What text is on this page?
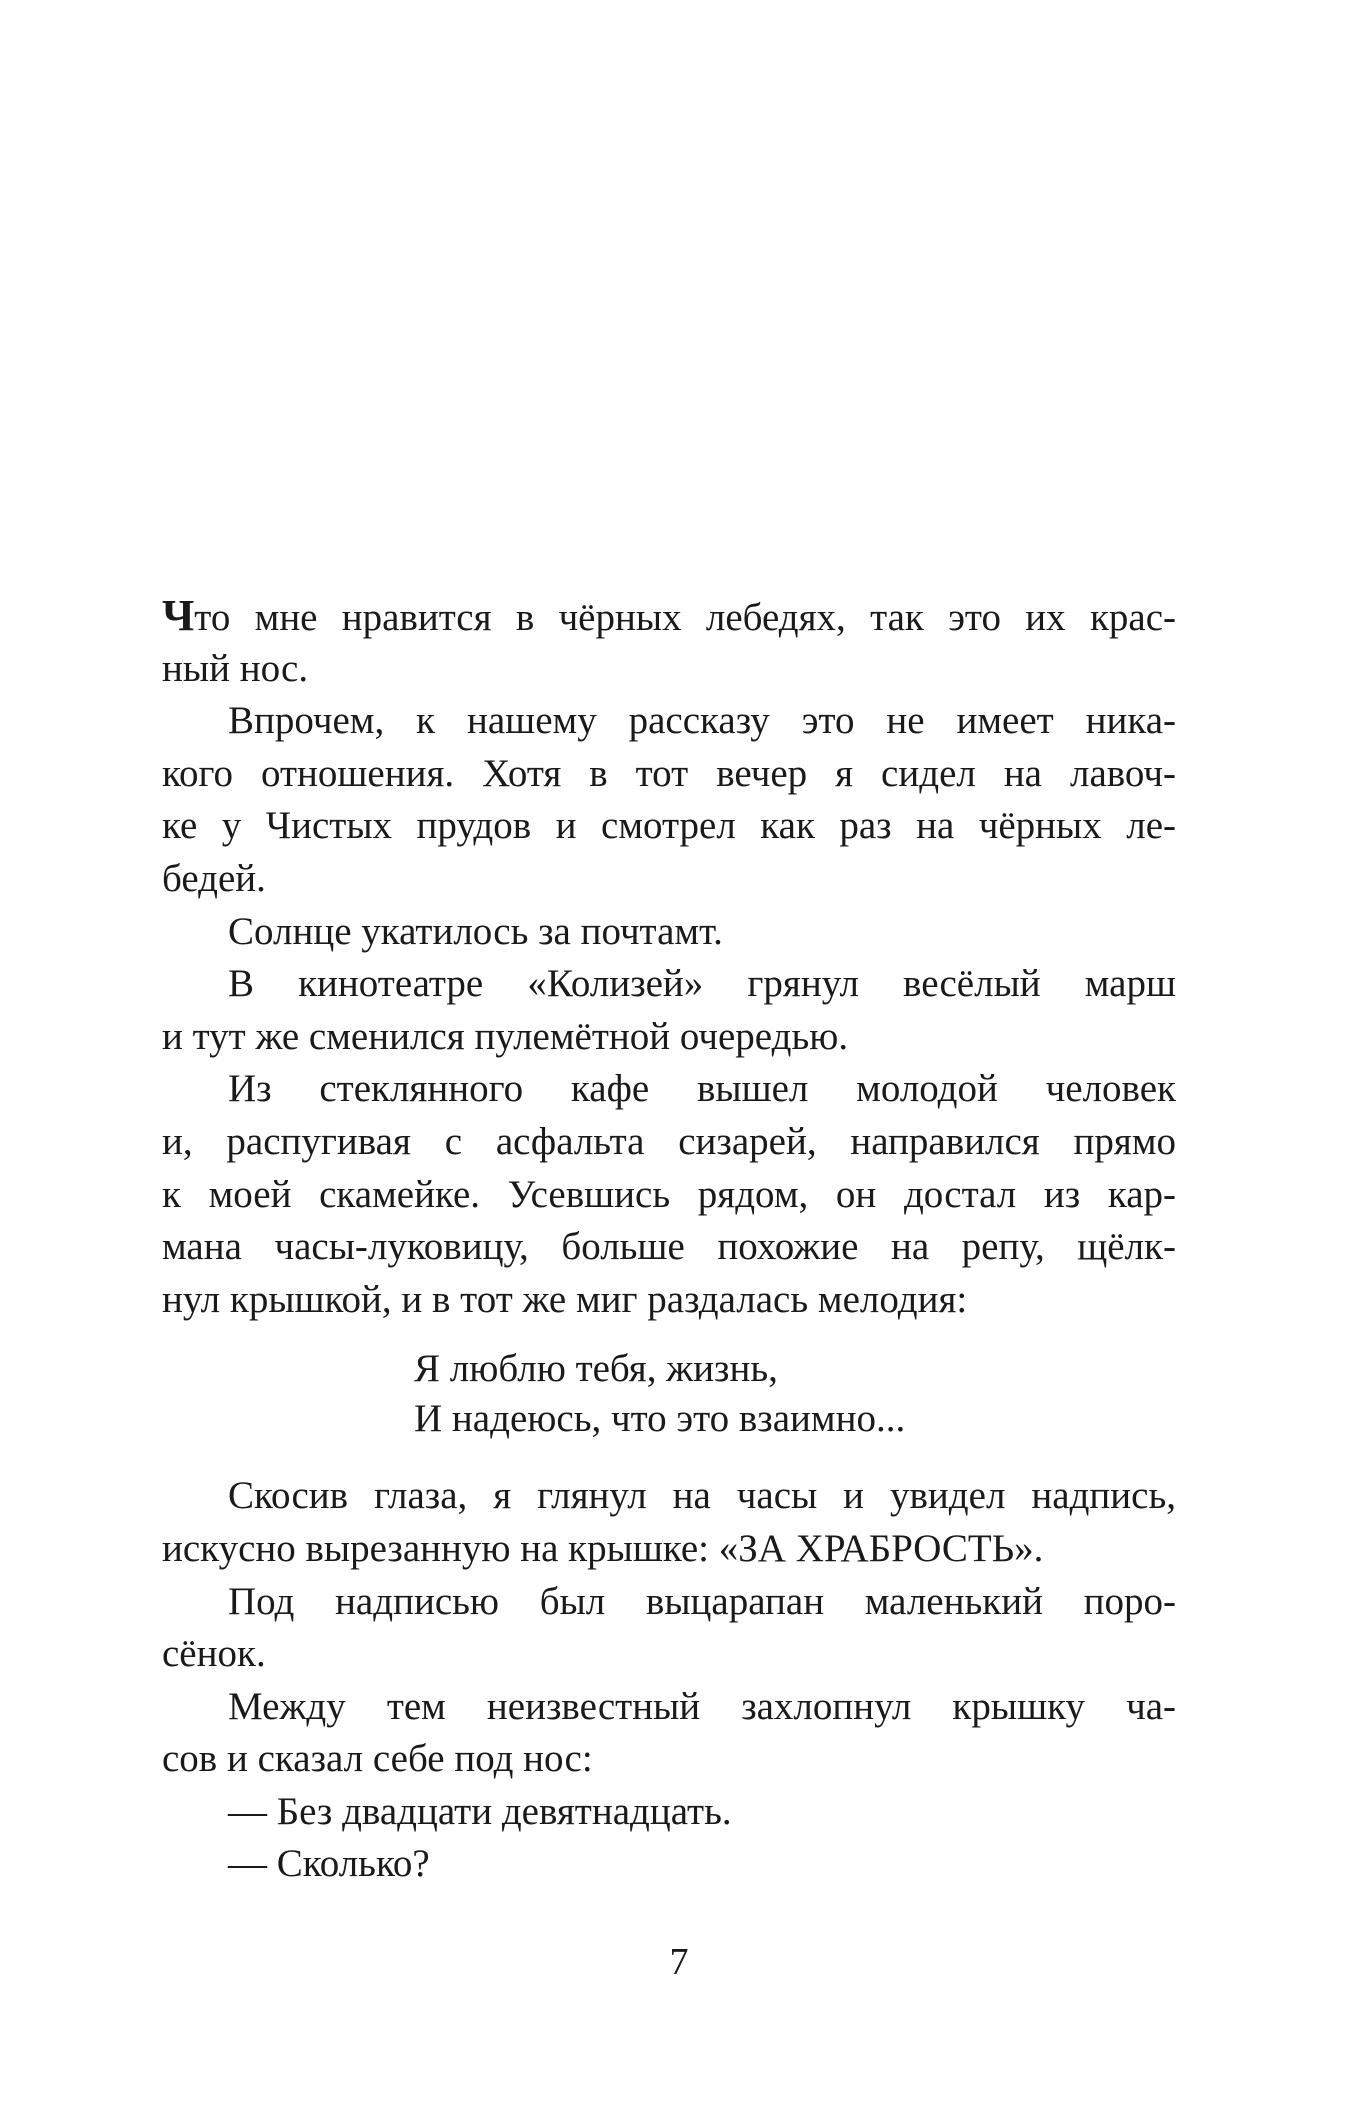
Что мне нравится в чёрных лебедях, так это их крас-
ный нос.
Впрочем, к нашему рассказу это не имеет ника-
кого отношения. Хотя в тот вечер я сидел на лавоч-
ке у Чистых прудов и смотрел как раз на чёрных ле-
бедей.
Солнце укатилось за почтамт.
В кинотеатре «Колизей» грянул весёлый марш
и тут же сменился пулемётной очередью.
Из стеклянного кафе вышел молодой человек
и, распугивая с асфальта сизарей, направился прямо
к моей скамейке. Усевшись рядом, он достал из кар-
мана часы-луковицу, больше похожие на репу, щёлк-
нул крышкой, и в тот же миг раздалась мелодия:
Я люблю тебя, жизнь,
И надеюсь, что это взаимно...
Скосив глаза, я глянул на часы и увидел надпись,
искусно вырезанную на крышке: «ЗА ХРАБРОСТЬ».
Под надписью был выцарапан маленький поро-
сёнок.
Между тем неизвестный захлопнул крышку ча-
сов и сказал себе под нос:
— Без двадцати девятнадцать.
— Сколько?
7
